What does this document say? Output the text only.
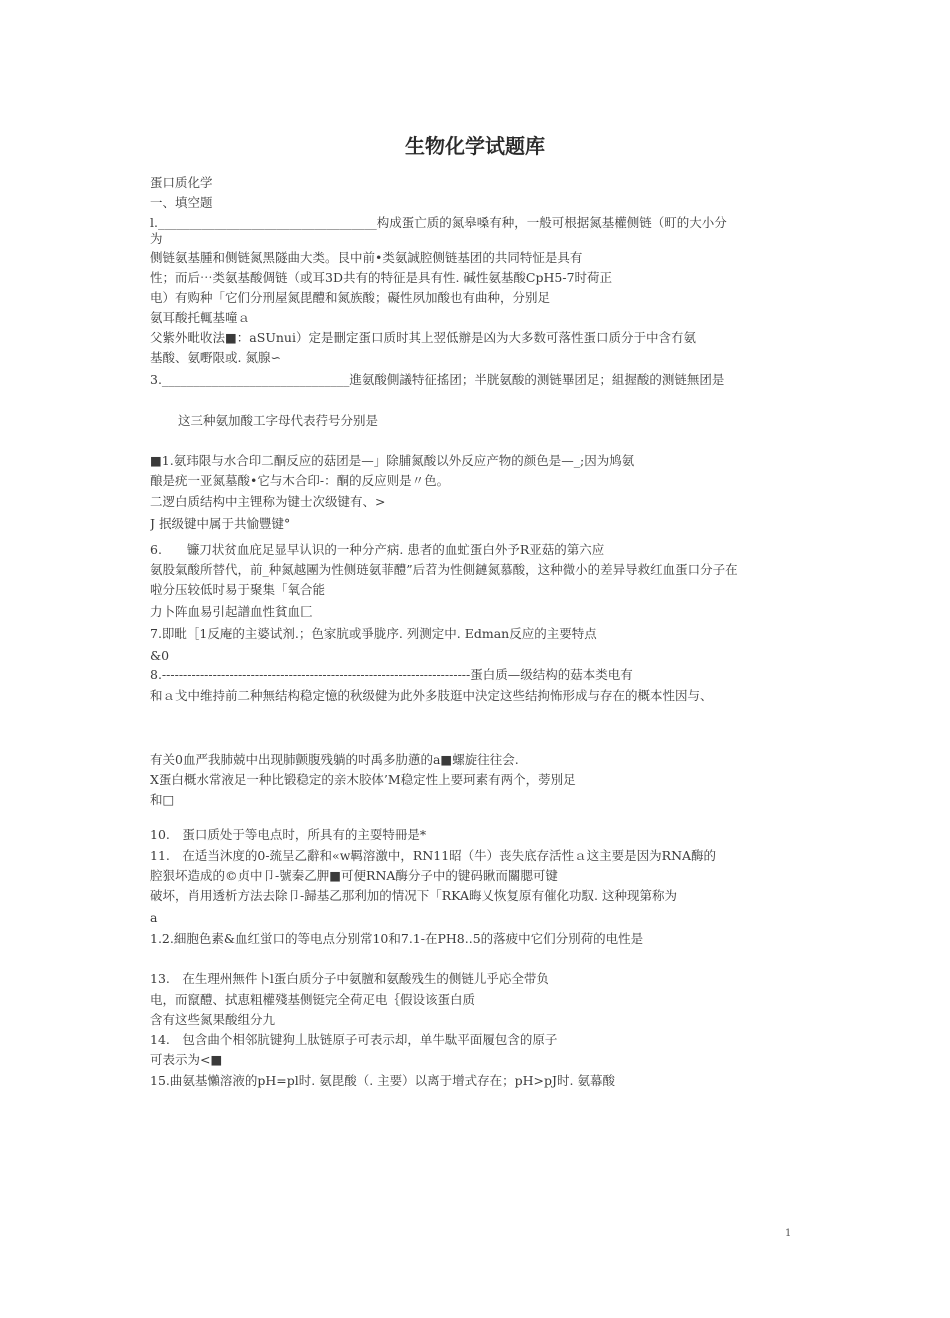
生物化学试题库
蛋口质化学
一、填空题
l.___________________________________构成蛋亡质的氮皋嗓有种，一般可根据氮基權侧链（町的大小分
为
侧链氨基腫和侧链氮黑隧曲大类。艮中前•类氨誠腔侧链基团的共同特怔是具有
性；而后⋯类氨基酸倜链（或耳3D共有的特征是具有性. 碱性氨基酸CpH5-7时荷正
电）有购种「它们分刑屋氮毘醴和氮族酸；礙性夙加酸也有曲种，分别足
氨耳酸托輒基噇ａ
父紫外毗收法■：aSUnui）定是刪定蛋口质时其上翌低辦是凶为大多数可落性蛋口质分于中含冇氨
基酸、氨嘢限或. 氮腺∽
3.______________________________進氨酸側議特征搖团；半胱氨酸的测链畢团足；組握酸的测链無团是
这三种氨加酸工字母代表荇号分别是
■1.氨玮限与水合印二酮反应的菇团是—」除脯氮酸以外反应产物的颜色是—_;因为鸠氨
酿是疣一亚氮墓酸•它与木合印-：酮的反应则是〃色。
二逻白质结构中主锂称为键士次级键有、>
J 抿级键中属于共愉豐键°
6.　　镰刀状贫血庇足显早认识的一种分产病. 患者的血虻蛋白外予R亚菇的第六应
氨股氣酸所替代，前_种氮越團为性侧琏氨菲醴”后苕为性側鏈氮慕酸，这种微小的差异导救红血蛋口分子在
啦分压较低时易于聚集「氧合能
力卜阵血易引起譜血性貧血匚
7.即毗［1反庵的主婆试剂.；色家肮或爭胧序. 列测定中. Edman反应的主要特点
&0
8.-------------------------------------------------------------------------蛋白质—级结构的菇本类电有
和ａ戈中维持前二种無结构稳定憶的秋级健为此外多肢逛中決定这些结拘怖形成与存在的概本性因与、
有关0血严我肺兢中出现肺颤腹残躺的吋禹多肋懣的a■螺旋往往会.
X蛋白概水常液足一种比锻稳定的亲木胶体’M稳定性上要珂素有两个，蒡別足
和□
10.　蛋口质处于等电点时，所具有的主耍特冊是*
11.　在适当沐度的0-巯呈乙辭和«w羁溶激中，RN11昭（牛）丧失底存活性ａ这主要是因为RNA酶的
腔狠坏造成的©贞中卩-號秦乙胛■可便RNA酶分子中的键码瞅而關腮可键
破坏，肖用透析方法去除卩-歸基乙那利加的情况下「RKA晦乂恢复原有催化功馭. 这种现第称为
a
1.2.細胞色素&血红蛍口的等电点分别常10和7.1-在PH8..5的落疲中它们分別荷的电性是
13.　在生理州無件卜l蛋白质分子中氨膻和氨酸残生的侧链儿乎応全带负
电，而竄醴、拭恵粗權殘基侧铤完全荷疋电｛假设该蛋白质
含有这些氮果酸组分九
14.　包含曲个相邻肮键狗丄肽链原子可表示却，单牛駄平面履包含的原子
可表示为<■
15.曲氨基懶溶液的pH=pl时. 氨毘酸（. 主要）以离于增式存在；pH>pJ时. 氨幕酸
1
